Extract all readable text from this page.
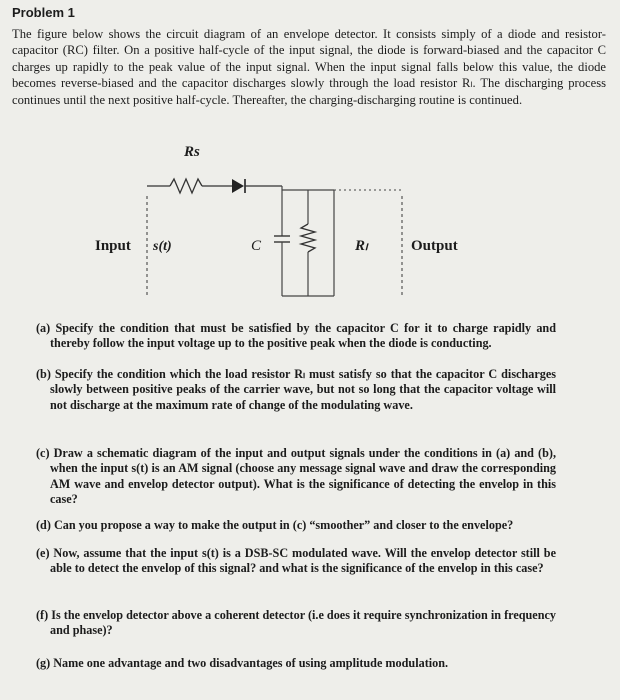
Problem 1
The figure below shows the circuit diagram of an envelope detector. It consists simply of a diode and resistor-capacitor (RC) filter. On a positive half-cycle of the input signal, the diode is forward-biased and the capacitor C charges up rapidly to the peak value of the input signal. When the input signal falls below this value, the diode becomes reverse-biased and the capacitor discharges slowly through the load resistor Rₗ. The discharging process continues until the next positive half-cycle. Thereafter, the charging-discharging routine is continued.
Rs
Input s(t)	C	Rₗ	Output
(a) Specify the condition that must be satisfied by the capacitor C for it to charge rapidly and thereby follow the input voltage up to the positive peak when the diode is conducting.
(b) Specify the condition which the load resistor Rₗ must satisfy so that the capacitor C discharges slowly between positive peaks of the carrier wave, but not so long that the capacitor voltage will not discharge at the maximum rate of change of the modulating wave.
(c) Draw a schematic diagram of the input and output signals under the conditions in (a) and (b), when the input s(t) is an AM signal (choose any message signal wave and draw the corresponding AM wave and envelop detector output). What is the significance of detecting the envelop in this case?
(d) Can you propose a way to make the output in (c) “smoother” and closer to the envelope?
(e) Now, assume that the input s(t) is a DSB-SC modulated wave. Will the envelop detector still be able to detect the envelop of this signal? and what is the significance of the envelop in this case?
(f) Is the envelop detector above a coherent detector (i.e does it require synchronization in frequency and phase)?
(g) Name one advantage and two disadvantages of using amplitude modulation.
